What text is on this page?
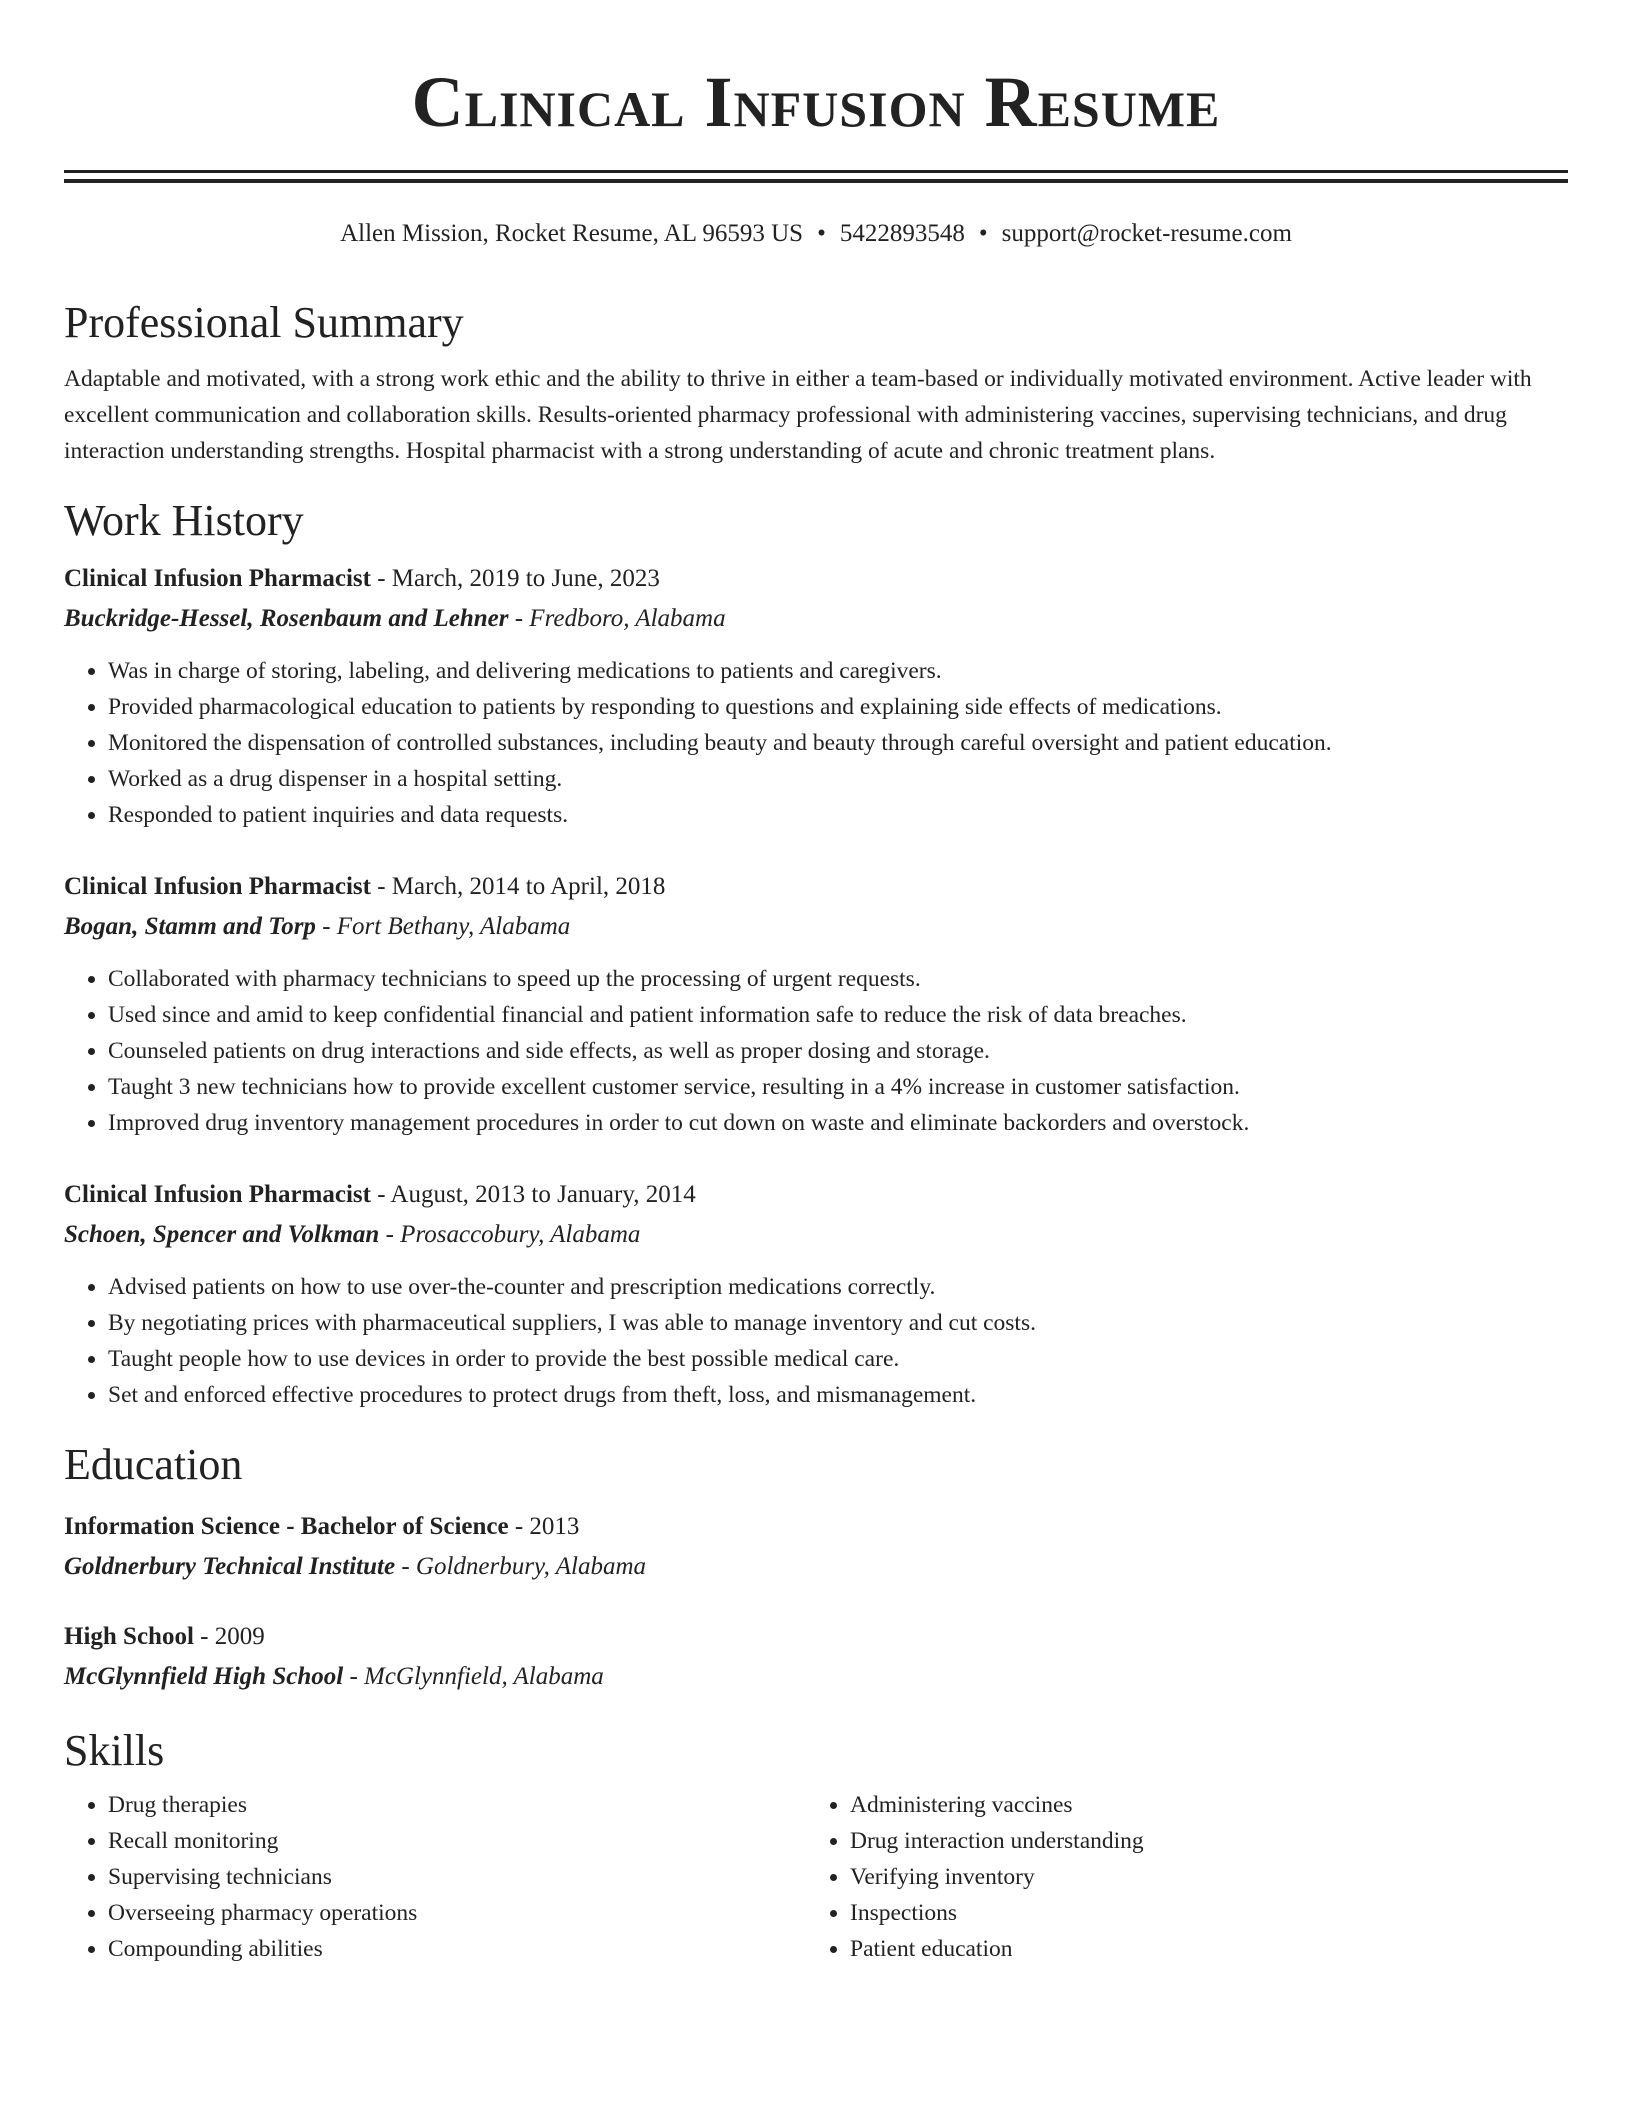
Clinical Infusion Resume
Allen Mission, Rocket Resume, AL 96593 US • 5422893548 • support@rocket-resume.com
Professional Summary
Adaptable and motivated, with a strong work ethic and the ability to thrive in either a team-based or individually motivated environment. Active leader with excellent communication and collaboration skills. Results-oriented pharmacy professional with administering vaccines, supervising technicians, and drug interaction understanding strengths. Hospital pharmacist with a strong understanding of acute and chronic treatment plans.
Work History
Clinical Infusion Pharmacist - March, 2019 to June, 2023
Buckridge-Hessel, Rosenbaum and Lehner - Fredboro, Alabama
• Was in charge of storing, labeling, and delivering medications to patients and caregivers.
• Provided pharmacological education to patients by responding to questions and explaining side effects of medications.
• Monitored the dispensation of controlled substances, including beauty and beauty through careful oversight and patient education.
• Worked as a drug dispenser in a hospital setting.
• Responded to patient inquiries and data requests.
Clinical Infusion Pharmacist - March, 2014 to April, 2018
Bogan, Stamm and Torp - Fort Bethany, Alabama
• Collaborated with pharmacy technicians to speed up the processing of urgent requests.
• Used since and amid to keep confidential financial and patient information safe to reduce the risk of data breaches.
• Counseled patients on drug interactions and side effects, as well as proper dosing and storage.
• Taught 3 new technicians how to provide excellent customer service, resulting in a 4% increase in customer satisfaction.
• Improved drug inventory management procedures in order to cut down on waste and eliminate backorders and overstock.
Clinical Infusion Pharmacist - August, 2013 to January, 2014
Schoen, Spencer and Volkman - Prosaccobury, Alabama
• Advised patients on how to use over-the-counter and prescription medications correctly.
• By negotiating prices with pharmaceutical suppliers, I was able to manage inventory and cut costs.
• Taught people how to use devices in order to provide the best possible medical care.
• Set and enforced effective procedures to protect drugs from theft, loss, and mismanagement.
Education
Information Science - Bachelor of Science - 2013
Goldnerbury Technical Institute - Goldnerbury, Alabama
High School - 2009
McGlynnfield High School - McGlynnfield, Alabama
Skills
• Drug therapies
• Recall monitoring
• Supervising technicians
• Overseeing pharmacy operations
• Compounding abilities
• Administering vaccines
• Drug interaction understanding
• Verifying inventory
• Inspections
• Patient education
